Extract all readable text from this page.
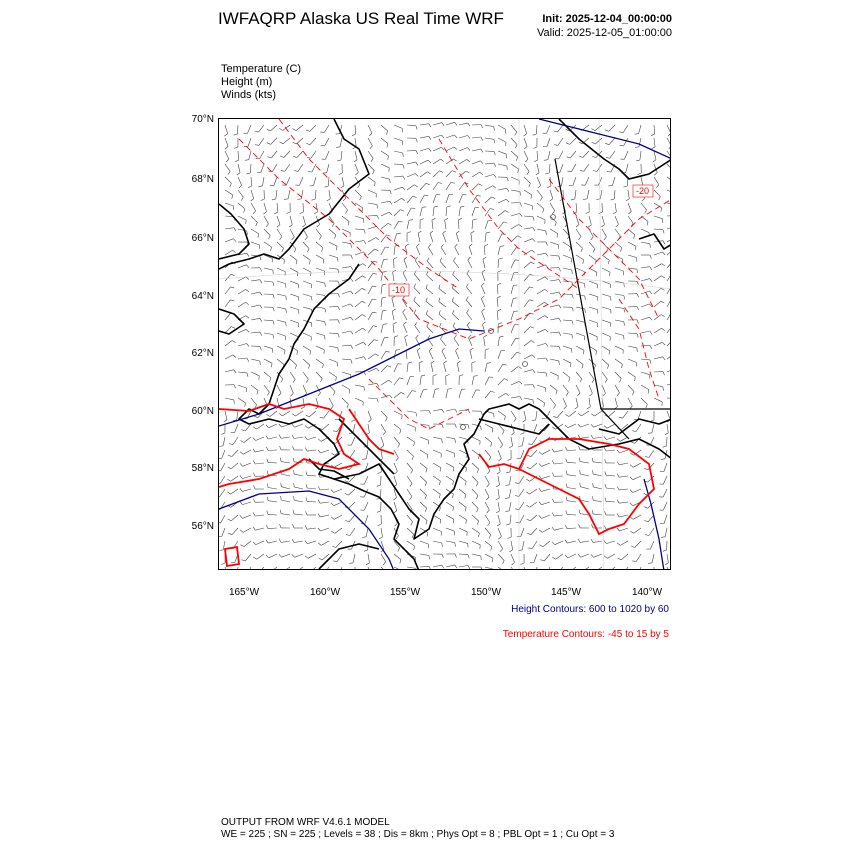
IWFAQRP Alaska US Real Time WRF	Init: 2025-12-04_00:00:00
Valid: 2025-12-05_01:00:00
Temperature (C)
Height (m)
Winds (kts)
-20
-10
70°N
68°N
66°N
64°N
62°N
60°N
58°N
56°N
165°W	160°W	155°W	150°W	145°W	140°W
Height Contours: 600 to 1020 by 60
Temperature Contours: -45 to 15 by 5
OUTPUT FROM WRF V4.6.1 MODEL
WE = 225 ; SN = 225 ; Levels = 38 ; Dis = 8km ; Phys Opt = 8 ; PBL Opt = 1 ; Cu Opt = 3
